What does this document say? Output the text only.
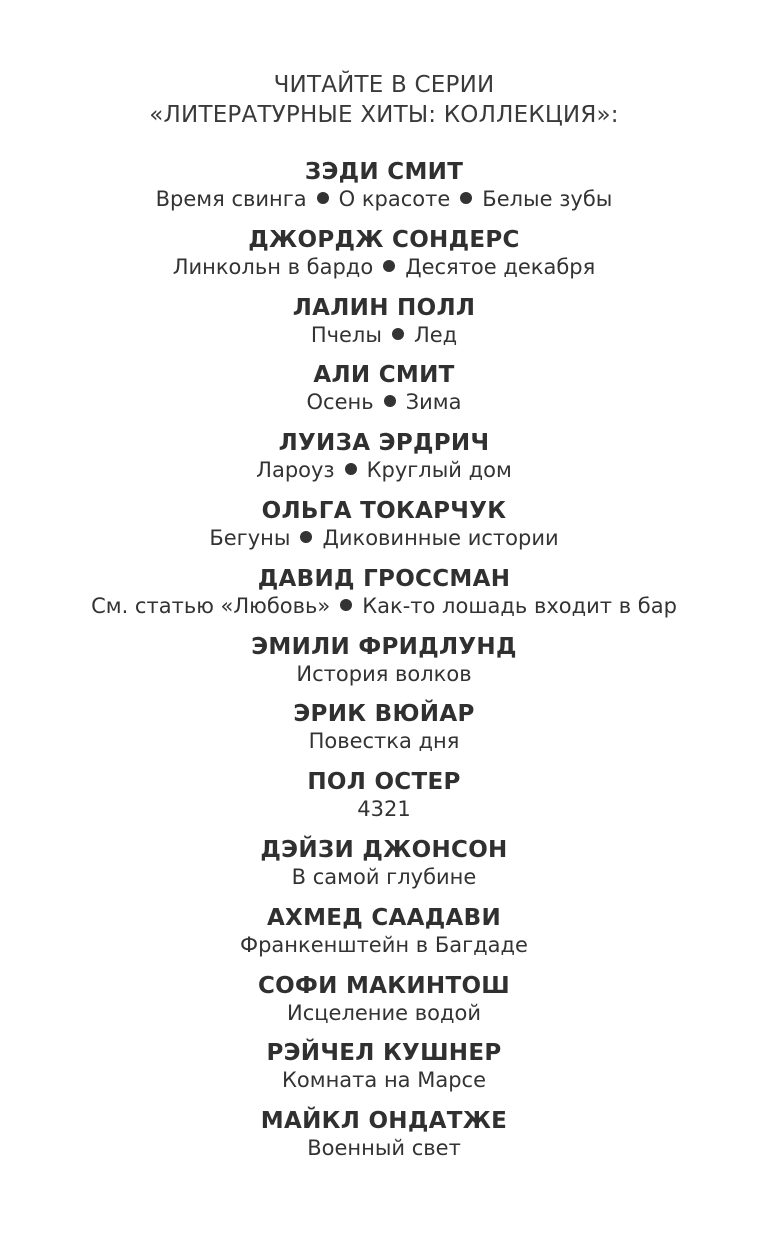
ЧИТАЙТЕ В СЕРИИ
«ЛИТЕРАТУРНЫЕ ХИТЫ: КОЛЛЕКЦИЯ»:
ЗЭДИ СМИТ
Время свинга О красоте Белые зубы
ДЖОРДЖ СОНДЕРС
Линкольн в бардо Десятое декабря
ЛАЛИН ПОЛЛ
Пчелы Лед
АЛИ СМИТ
Осень Зима
ЛУИЗА ЭРДРИЧ
Лароуз Круглый дом
ОЛЬГА ТОКАРЧУК
Бегуны Диковинные истории
ДАВИД ГРОССМАН
См. статью «Любовь» Как-то лошадь входит в бар
ЭМИЛИ ФРИДЛУНД
История волков
ЭРИК ВЮЙАР
Повестка дня
ПОЛ ОСТЕР
4321
ДЭЙЗИ ДЖОНСОН
В самой глубине
АХМЕД СААДАВИ
Франкенштейн в Багдаде
СОФИ МАКИНТОШ
Исцеление водой
РЭЙЧЕЛ КУШНЕР
Комната на Марсе
МАЙКЛ ОНДАТЖЕ
Военный свет
